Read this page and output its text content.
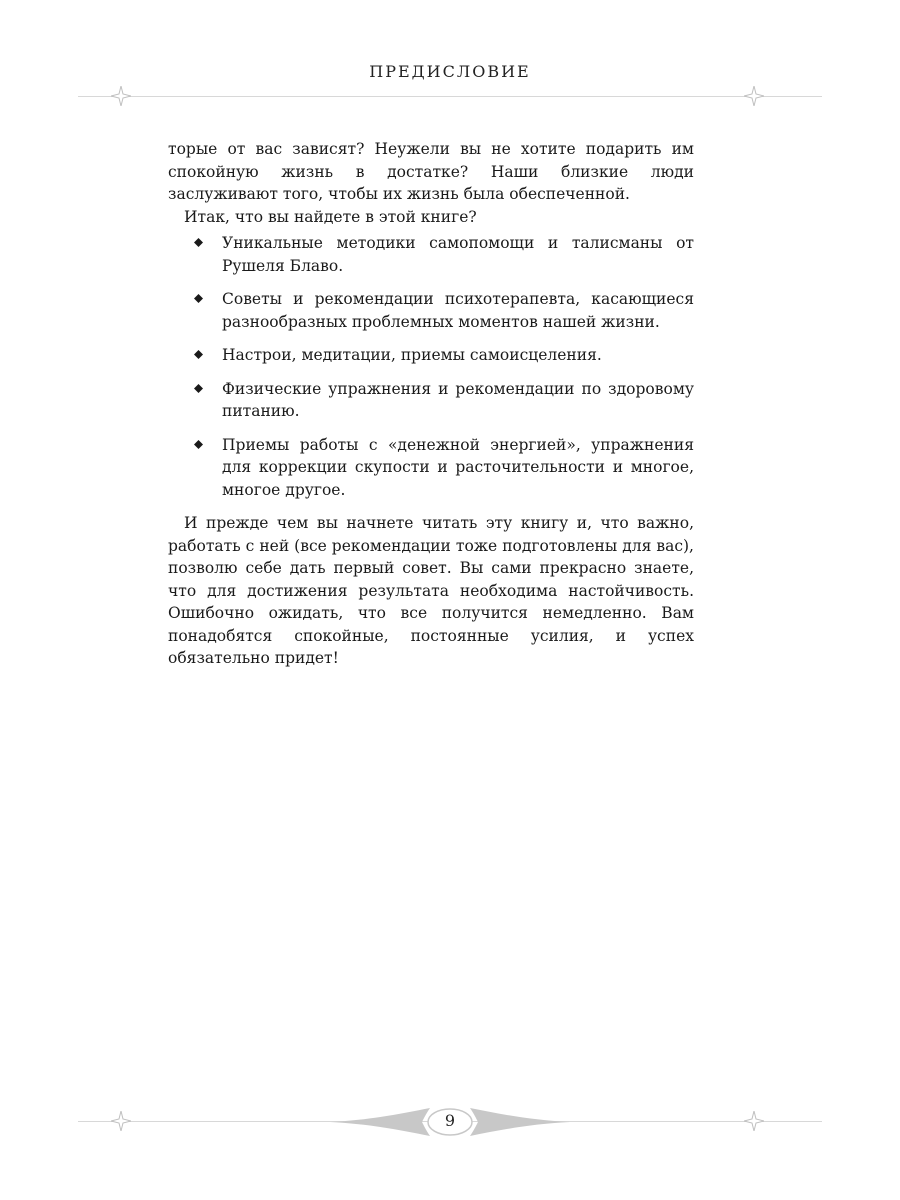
ПРЕДИСЛОВИЕ

торые от вас зависят? Неужели вы не хотите подарить им спокойную жизнь в достатке? Наши близкие люди заслуживают того, чтобы их жизнь была обеспеченной.

Итак, что вы найдете в этой книге?

Уникальные методики самопомощи и талисманы от Рушеля Блаво.
Советы и рекомендации психотерапевта, касающиеся разнообразных проблемных моментов нашей жизни.
Настрои, медитации, приемы самоисцеления.
Физические упражнения и рекомендации по здоровому питанию.
Приемы работы с «денежной энергией», упражнения для коррекции скупости и расточительности и многое, многое другое.

И прежде чем вы начнете читать эту книгу и, что важно, работать с ней (все рекомендации тоже подготовлены для вас), позволю себе дать первый совет. Вы сами прекрасно знаете, что для достижения результата необходима настойчивость. Ошибочно ожидать, что все получится немедленно. Вам понадобятся спокойные, постоянные усилия, и успех обязательно придет!

9
